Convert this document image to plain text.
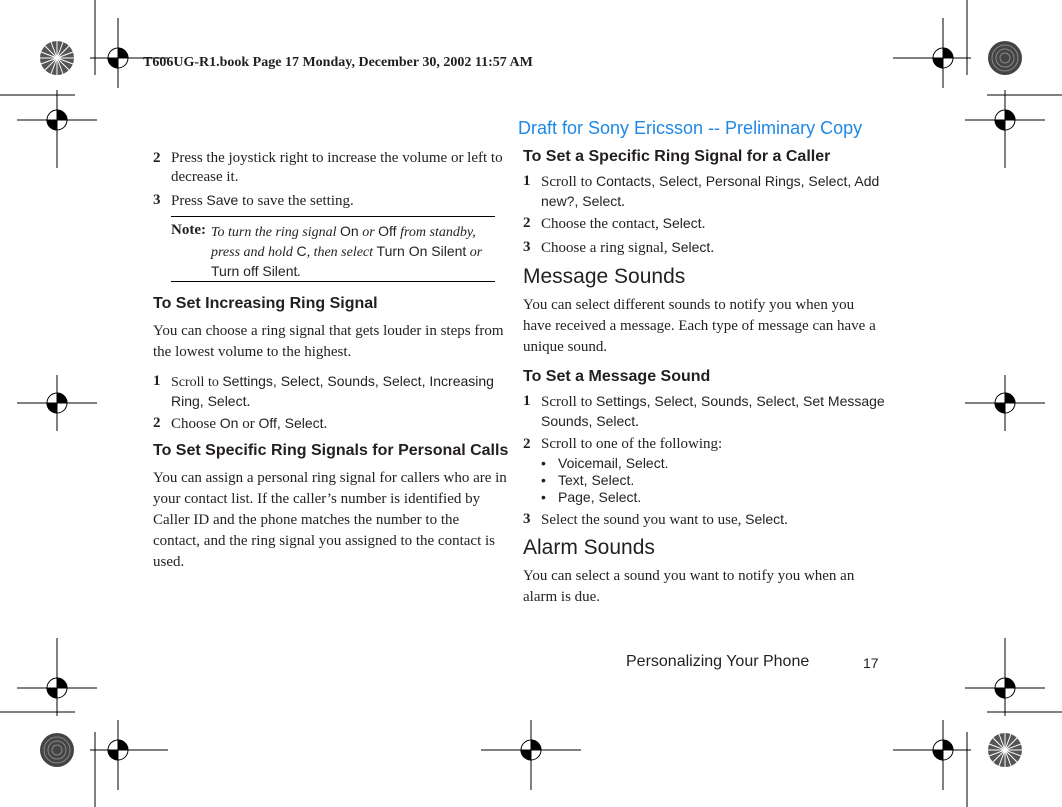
T606UG-R1.book Page 17 Monday, December 30, 2002 11:57 AM
Draft for Sony Ericsson -- Preliminary Copy
2 Press the joystick right to increase the volume or left to decrease it.
3 Press Save to save the setting.
Note: To turn the ring signal On or Off from standby, press and hold C, then select Turn On Silent or Turn off Silent.
To Set Increasing Ring Signal
You can choose a ring signal that gets louder in steps from the lowest volume to the highest.
1 Scroll to Settings, Select, Sounds, Select, Increasing Ring, Select.
2 Choose On or Off, Select.
To Set Specific Ring Signals for Personal Calls
You can assign a personal ring signal for callers who are in your contact list. If the caller’s number is identified by Caller ID and the phone matches the number to the contact, and the ring signal you assigned to the contact is used.
To Set a Specific Ring Signal for a Caller
1 Scroll to Contacts, Select, Personal Rings, Select, Add new?, Select.
2 Choose the contact, Select.
3 Choose a ring signal, Select.
Message Sounds
You can select different sounds to notify you when you have received a message. Each type of message can have a unique sound.
To Set a Message Sound
1 Scroll to Settings, Select, Sounds, Select, Set Message Sounds, Select.
2 Scroll to one of the following:
• Voicemail, Select.
• Text, Select.
• Page, Select.
3 Select the sound you want to use, Select.
Alarm Sounds
You can select a sound you want to notify you when an alarm is due.
Personalizing Your Phone	17
